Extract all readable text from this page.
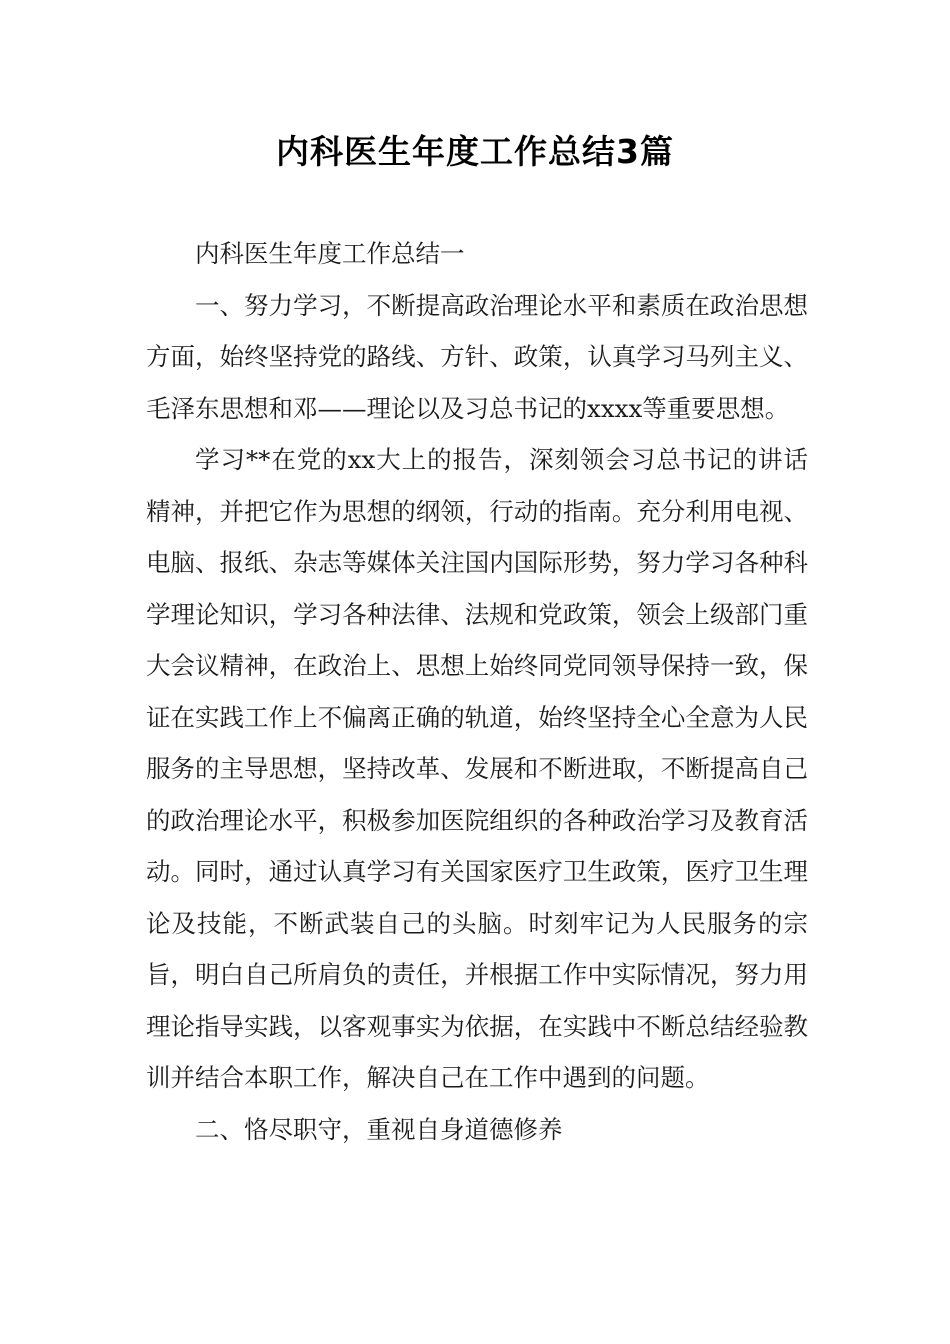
内科医生年度工作总结3篇

内科医生年度工作总结一

一、努力学习，不断提高政治理论水平和素质在政治思想方面，始终坚持党的路线、方针、政策，认真学习马列主义、毛泽东思想和邓——理论以及习总书记的xxxx等重要思想。

学习**在党的xx大上的报告，深刻领会习总书记的讲话精神，并把它作为思想的纲领，行动的指南。充分利用电视、电脑、报纸、杂志等媒体关注国内国际形势，努力学习各种科学理论知识，学习各种法律、法规和党政策，领会上级部门重大会议精神，在政治上、思想上始终同党同领导保持一致，保证在实践工作上不偏离正确的轨道，始终坚持全心全意为人民服务的主导思想，坚持改革、发展和不断进取，不断提高自己的政治理论水平，积极参加医院组织的各种政治学习及教育活动。同时，通过认真学习有关国家医疗卫生政策，医疗卫生理论及技能，不断武装自己的头脑。时刻牢记为人民服务的宗旨，明白自己所肩负的责任，并根据工作中实际情况，努力用理论指导实践，以客观事实为依据，在实践中不断总结经验教训并结合本职工作，解决自己在工作中遇到的问题。

二、恪尽职守，重视自身道德修养
